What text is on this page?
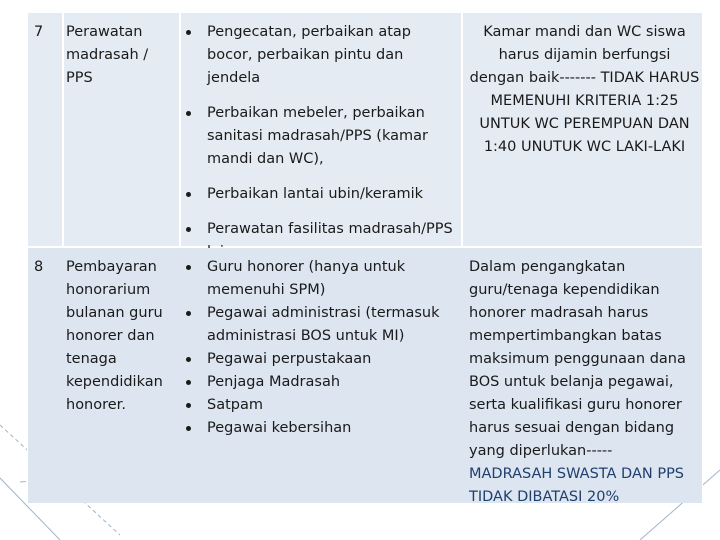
7	Perawatan madrasah / PPS
Pengecatan, perbaikan atap bocor, perbaikan pintu dan jendela
Perbaikan mebeler, perbaikan sanitasi madrasah/PPS (kamar mandi dan WC),
Perbaikan lantai ubin/keramik
Perawatan fasilitas madrasah/PPS
Kamar mandi dan WC siswa harus dijamin berfungsi dengan baik------- TIDAK HARUS MEMENUHI KRITERIA 1:25 UNTUK WC PEREMPUAN DAN 1:40 UNUTUK WC LAKI-LAKI
8	Pembayaran honorarium bulanan guru honorer dan tenaga kependidikan honorer.
Guru honorer (hanya untuk memenuhi SPM)
Pegawai administrasi (termasuk administrasi BOS untuk MI)
Pegawai perpustakaan
Penjaga Madrasah
Satpam
Pegawai kebersihan
Dalam pengangkatan guru/tenaga kependidikan honorer madrasah harus mempertimbangkan batas maksimum penggunaan dana BOS untuk belanja pegawai, serta kualifikasi guru honorer harus sesuai dengan bidang yang diperlukan-----
MADRASAH SWASTA DAN PPS TIDAK DIBATASI 20%
